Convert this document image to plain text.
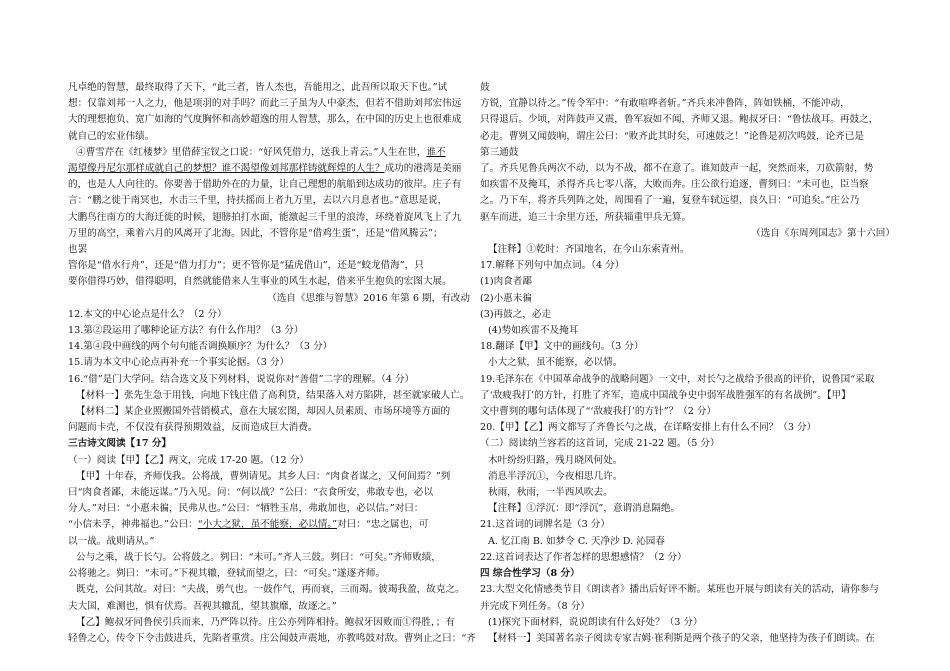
凡卓绝的智慧，最终取得了天下，“此三者，皆人杰也，吾能用之，此吾所以取天下也。”试

想：仅靠刘邦一人之力，他是项羽的对手吗？而此三子虽为人中豪杰，但若不借助刘邦宏伟远

大的理想抱负、宽广如海的气度胸怀和高妙超逸的用人智慧，那么，在中国的历史上也很难成

就自己的宏业伟绩。

④曹雪芹在《红楼梦》里借薛宝钗之口说：“好风凭借力，送我上青云。”人生在世，谁不

渴望像丹尼尔那样成就自己的梦想？谁不渴望像刘邦那样铸就辉煌的人生？成功的港湾是美丽

的，也是人人向往的。你要善于借助外在的力量，让自己理想的航船到达成功的彼岸。庄子有

言：“鹏之徙于南冥也，水击三千里，持扶摇而上者九万里，去以六月息者也。”意思是说，

大鹏鸟往南方的大海迁徙的时候，翅膀拍打水面，能激起三千里的浪涛，环绕着旋风飞上了九

万里的高空，乘着六月的风离开了北海。因此，不管你是“借鸡生蛋”，还是“借风腾云”；

也罢

管你是“借水行舟”，还是“借力打力”；更不管你是“猛虎借山”，还是“蛟龙借海”，只

要你借得巧妙，借得聪明，自然就能借来人生事业的风生水起，借来平生抱负的宏图大展。

（选自《思维与智慧》2016 年第 6 期，有改动

12.本文的中心论点是什么？（2 分）

13.第②段运用了哪种论证方法？有什么作用？（3 分）

14.第④段中画线的两个句句能否调换顺序？为什么？（3 分）

15.请为本文中心论点再补充一个事实论据。（3 分）

16.“借”是门大学问。结合选文及下列材料，说说你对“善借”二字的理解。（4 分）

【材料一】张先生急于用钱，向地下钱庄借了高利贷，结果落入对方陷阱，甚至就家破人亡。

【材料二】某企业照搬国外营销模式，意在大展宏图，却因人员素质、市场环境等方面的

问题而卡壳，不仅没有获得预期效益，反而造成巨大消费。

三古诗文阅读【17 分】

（一）阅读【甲】【乙】两文，完成 17-20 题。（12 分）

【甲】十年春，齐师伐我。公将战，曹刿请见。其乡人曰：“肉食者谋之，又何间焉？”刿

曰“肉食者鄙，未能远谋。”乃入见。问：“何以战？”公曰：“衣食所安，弗敢专也，必以

分人。”对曰：“小惠未徧，民弗从也。”公曰：“牺牲玉帛，弗敢加也，必以信。”对曰：

“小信未孚，神弗福也。”公曰：“小大之狱，虽不能察，必以情。”对曰：“忠之属也，可

以一战。战则请从。”

公与之乘，战于长勺。公将鼓之。刿曰：“未可。”齐人三鼓。刿曰：“可矣。”齐师败绩，

公将驰之。刿曰：“未可。”下视其辙，登轼而望之，曰：“可矣。”遂逐齐师。

既克，公问其故。对曰：“夫战，勇气也。一鼓作气，再而衰，三而竭。彼竭我盈，故克之。

夫大国，难测也，惧有伏焉。吾视其辙乱，望其旗靡，故逐之。”

【乙】鲍叔牙同鲁侯引兵而来，乃严阵以待。庄公亦列阵相持。鲍叔牙因败而①得胜，；有

轻鲁之心，传令下令击鼓进兵，先陷者重赏。庄公闻鼓声震地，亦教鸣鼓对敌。曹刿止之曰：“齐

鼓

方锐，宜静以待之。”传令军中：“有敢喧哗者斩。”齐兵来冲鲁阵，阵如铁桶，不能冲动，

只得退后。少顷，对阵鼓声又震，鲁军寂如不闻，齐师又退。鲍叔牙曰：“鲁怯战耳。再鼓之，

必走。曹刿又闻鼓响，谓庄公曰：“败齐此其时矣，可速鼓之！”论鲁是初次鸣鼓，论齐已是

第三通鼓

了。齐兵见鲁兵两次不动，以为不战，都不在意了。谁知鼓声一起，突然而来，刀砍箭射，势

如疾雷不及掩耳，杀得齐兵七零八落，大败而奔。庄公欲行追逐，曹刿曰：“未可也，臣当察

之。乃下车，将齐兵列阵之处，周围看了一遍，复登车轼远望，良久日：“可追矣。”庄公乃

驱车而进，追三十余里方还，所获辎重甲兵无算。

（选自《东周列国志》第十六回）

【注释】①乾时：齐国地名，在今山东索青州。

17.解释下列句中加点词。（4 分）

(1)肉食者鄙

(2)小惠未徧

(3)再鼓之，必走

(4)势如疾雷不及掩耳

18.翻译【甲】文中的画线句。（3 分）

小大之狱，虽不能察，必以情。

19.毛泽东在《中国革命战争的战略问题》一文中，对长勺之战给予很高的评价，说鲁国“采取

了‘敌疲我打’的方针，打胜了齐军，造成中国战争史中弱军战胜强军的有名战例”。【甲】

文中曹刿的哪句话体现了“‘敌疲我打’的方针”？（2 分）

20.【甲】【乙】两文都写了齐鲁长勺之战，在详略安排上有什么不同？（3 分）

（二）阅读纳兰容若的这首词，完成 21-22 题。（5 分）

木叶纷纷归路，残月晓风何处。

消息半浮沉①，今夜相思几许。

秋雨，秋雨，一半西风吹去。

【注释】①浮沉：即“浮沉”，意谓消息隔绝。

21.这首词的词牌名是（3 分）

A. 忆江南 B. 如梦令 C. 天净沙 D. 沁园春

22.这首词表达了作者怎样的思想感情？（2 分）

四 综合性学习（8 分）

23.大型文化情感类节目《朗读者》播出后好评不断。某班也开展与朗读有关的活动，请你参与

并完成下列任务。（8 分）

(1)探究下面材料，说说朗读有什么好处？（3 分）

【材料一】美国著名亲子阅读专家吉姆·崔利斯是两个孩子的父亲，他坚持为孩子们朗读。在
